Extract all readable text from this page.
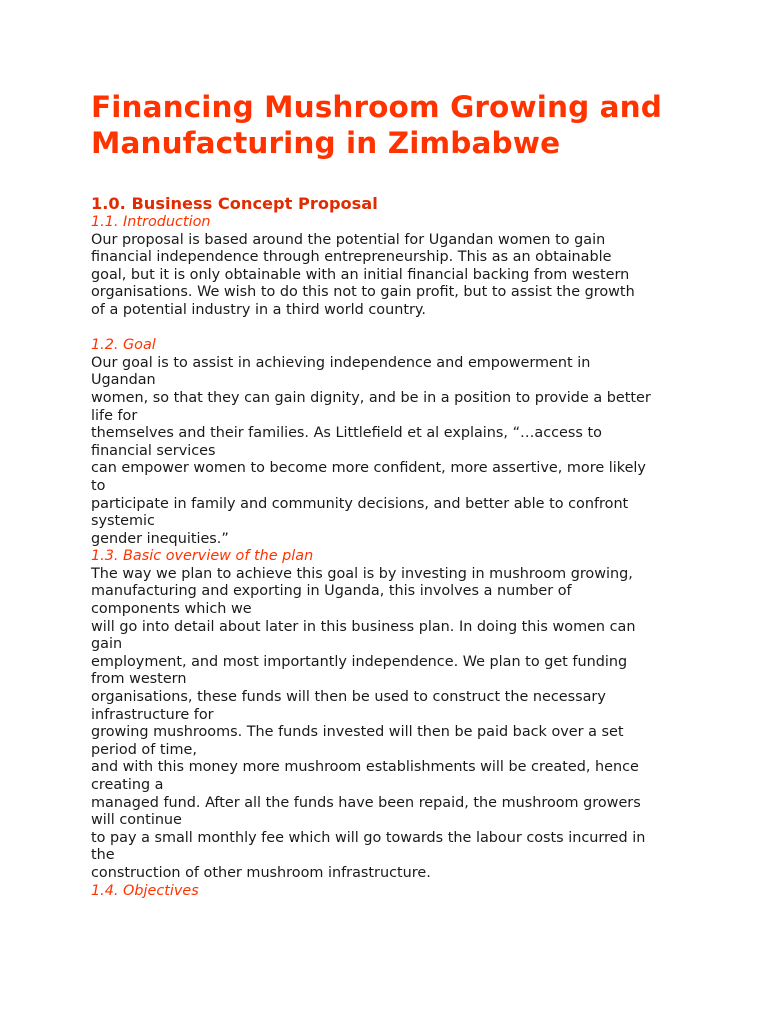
Financing Mushroom Growing and
Manufacturing in Zimbabwe
1.0. Business Concept Proposal
1.1. Introduction

Our proposal is based around the potential for Ugandan women to gain
financial independence through entrepreneurship. This as an obtainable
goal, but it is only obtainable with an initial financial backing from western
organisations. We wish to do this not to gain profit, but to assist the growth
of a potential industry in a third world country.

1.2. Goal

Our goal is to assist in achieving independence and empowerment in
Ugandan
women, so that they can gain dignity, and be in a position to provide a better
life for
themselves and their families. As Littlefield et al explains, “…access to
financial services
can empower women to become more confident, more assertive, more likely
to
participate in family and community decisions, and better able to confront
systemic
gender inequities.”

1.3. Basic overview of the plan

The way we plan to achieve this goal is by investing in mushroom growing,
manufacturing and exporting in Uganda, this involves a number of
components which we
will go into detail about later in this business plan. In doing this women can
gain
employment, and most importantly independence. We plan to get funding
from western
organisations, these funds will then be used to construct the necessary
infrastructure for
growing mushrooms. The funds invested will then be paid back over a set
period of time,
and with this money more mushroom establishments will be created, hence
creating a
managed fund. After all the funds have been repaid, the mushroom growers
will continue
to pay a small monthly fee which will go towards the labour costs incurred in
the
construction of other mushroom infrastructure.

1.4. Objectives
